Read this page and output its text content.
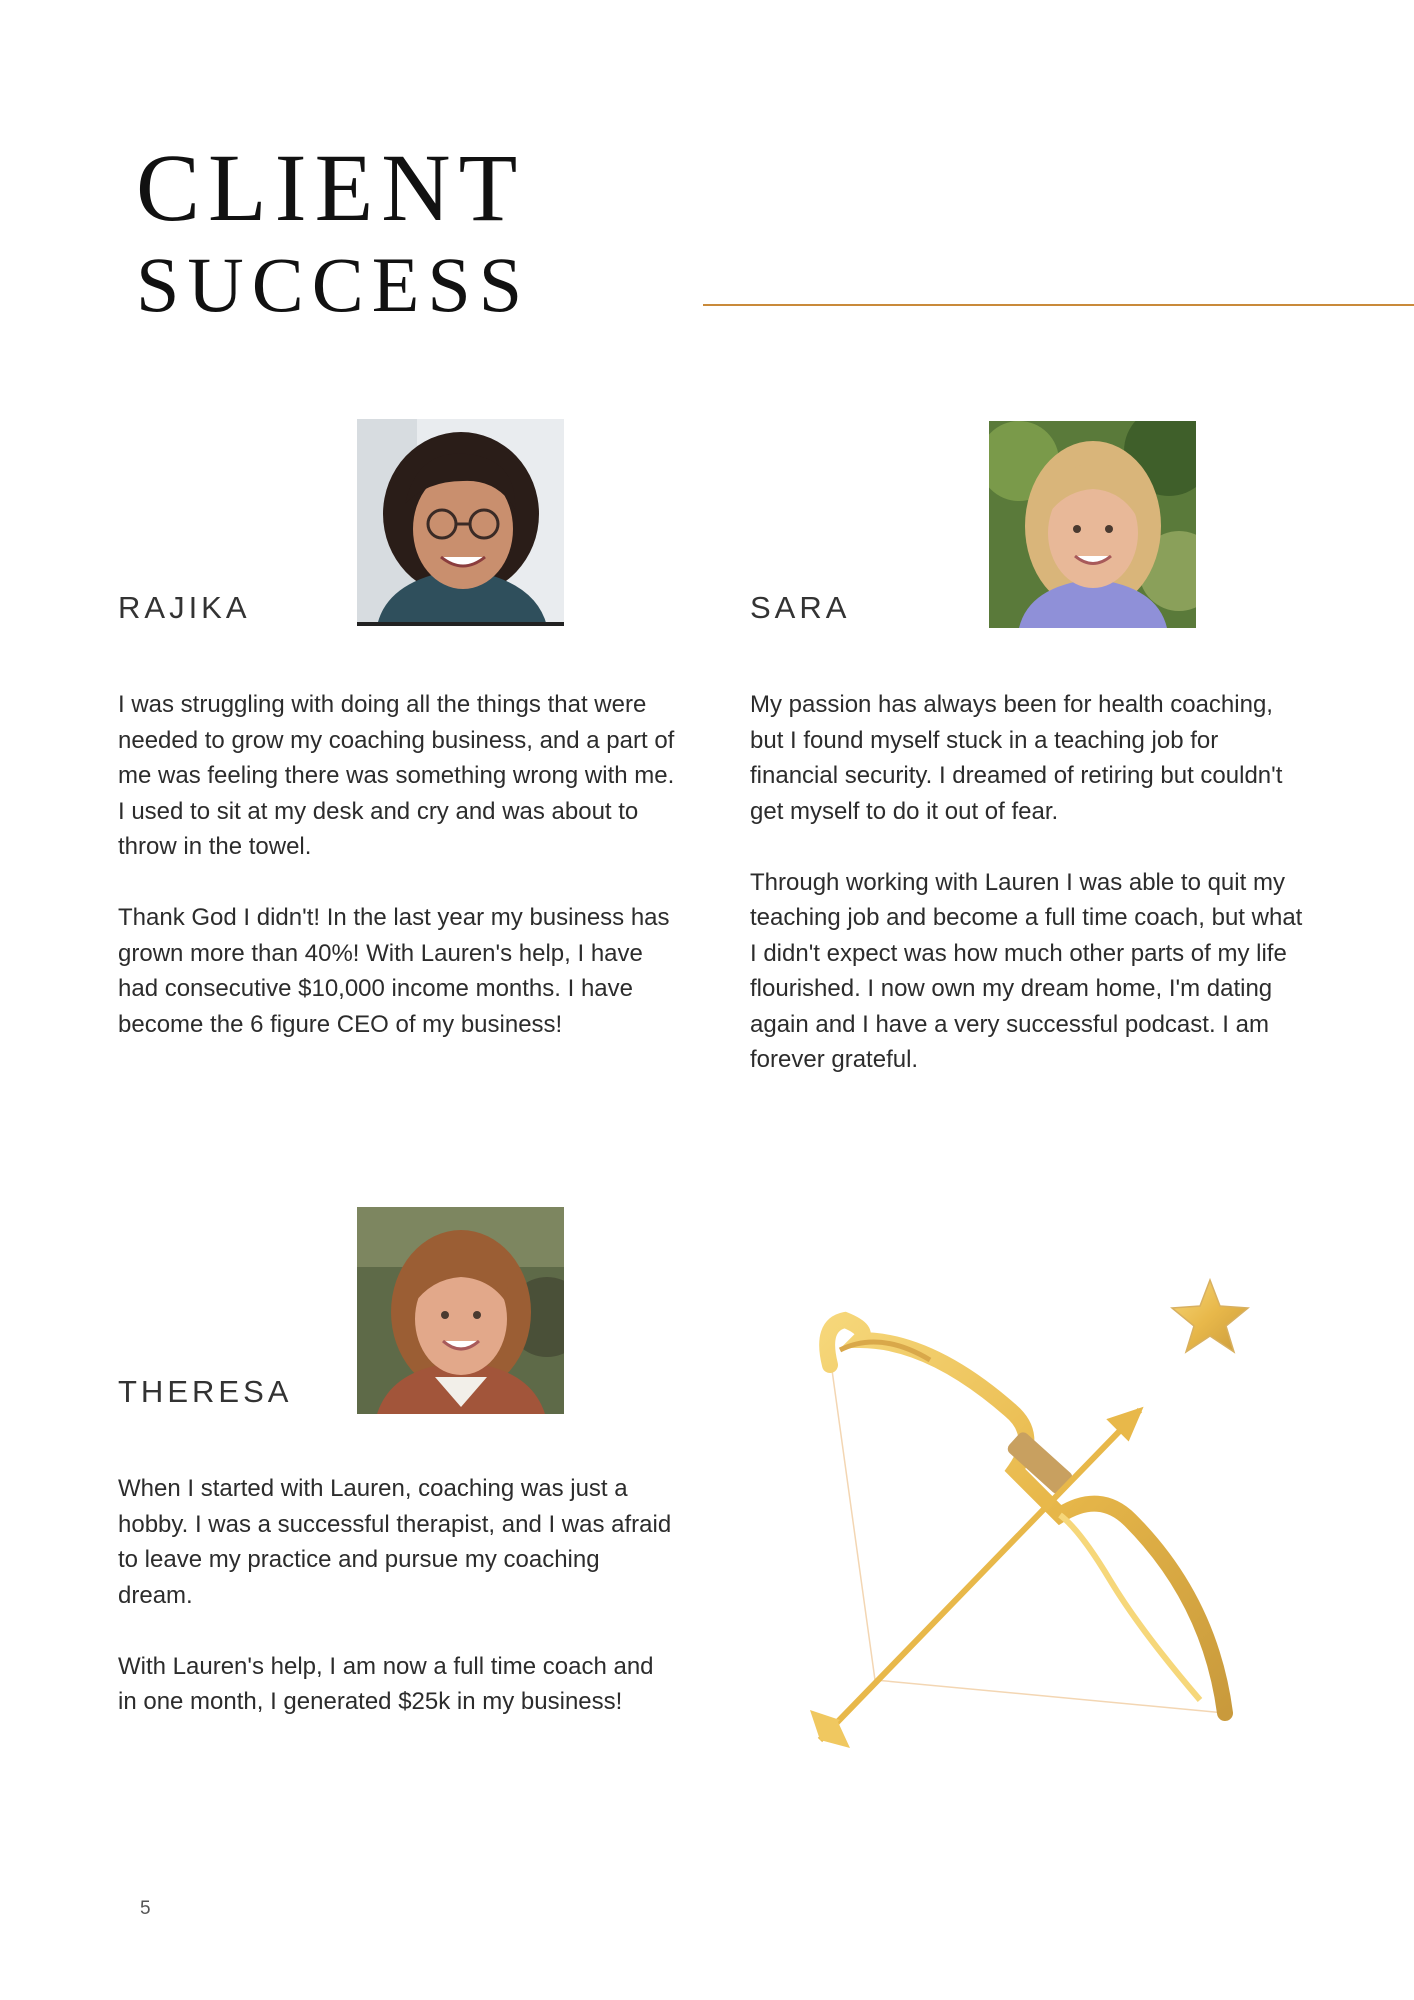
CLIENT
SUCCESS
RAJIKA

I was struggling with doing all the things that were needed to grow my coaching business, and a part of me was feeling there was something wrong with me. I used to sit at my desk and cry and was about to throw in the towel.

Thank God I didn't! In the last year my business has grown more than 40%! With Lauren's help, I have had consecutive $10,000 income months. I have become the 6 figure CEO of my business!

SARA

My passion has always been for health coaching, but I found myself stuck in a teaching job for financial security. I dreamed of retiring but couldn't get myself to do it out of fear.

Through working with Lauren I was able to quit my teaching job and become a full time coach, but what I didn't expect was how much other parts of my life flourished. I now own my dream home, I'm dating again and I have a very successful podcast. I am forever grateful.

THERESA

When I started with Lauren, coaching was just a hobby. I was a successful therapist, and I was afraid to leave my practice and pursue my coaching dream.

With Lauren's help, I am now a full time coach and in one month, I generated $25k in my business!

5
